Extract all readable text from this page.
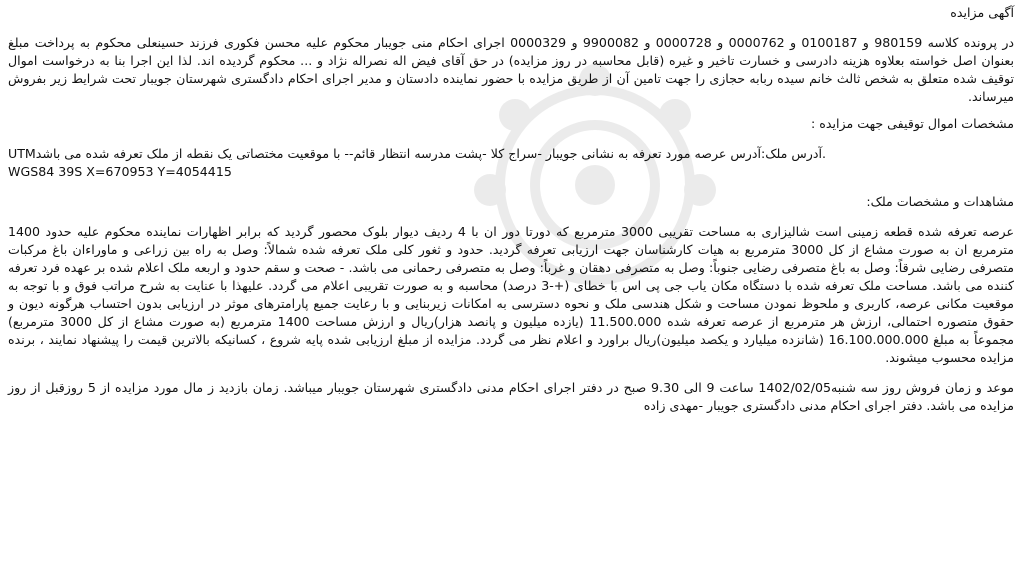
آگهی مزایده

در پرونده کلاسه 980159 و 0100187 و 0000762 و 0000728 و 9900082 و 0000329 اجرای احکام منی جویبار محکوم علیه محسن فکوری فرزند حسینعلی محکوم به پرداخت مبلغ بعنوان اصل خواسته بعلاوه هزینه دادرسی و خسارت تاخیر و غیره (قابل محاسبه در روز مزایده) در حق آقای فیض اله نصراله نژاد و ... محکوم گردیده اند. لذا این اجرا بنا به درخواست اموال توقیف شده متعلق به شخص ثالث خانم سیده ربابه حجازی را جهت تامین آن از طریق مزایده با حضور نماینده دادستان و مدیر اجرای احکام دادگستری شهرستان جویبار تحت شرایط زیر بفروش میرساند.

مشخصات اموال توقیفی جهت مزایده :

UTMآدرس ملک:آدرس عرصه مورد تعرفه به نشانی جویبار -سراج کلا -پشت مدرسه انتظار قائم-- با موقعیت مختصاتی یک نقطه از ملک تعرفه شده می باشد.

WGS84 39S X=670953 Y=4054415

مشاهدات و مشخصات ملک:

عرصه تعرفه شده قطعه زمینی است شالیزاری به مساحت تقریبی 3000 مترمربع که دورتا دور ان با 4 ردیف دیوار بلوک محصور گردید که برابر اظهارات نماینده محکوم علیه حدود 1400 مترمربع ان به صورت مشاع از کل 3000 مترمربع به هیات کارشناسان جهت ارزیابی تعرفه گردید. حدود و ثغور کلی ملک تعرفه شده شمالاً: وصل به راه بین زراعی و ماوراءان باغ مرکبات متصرفی رضایی شرقاً: وصل به باغ متصرفی رضایی جنوباً: وصل به متصرفی دهقان و غرباً: وصل به متصرفی رحمانی می باشد. - صحت و سقم حدود و اربعه ملک اعلام شده بر عهده فرد تعرفه کننده می باشد. مساحت ملک تعرفه شده با دستگاه مکان یاب جی پی اس با خطای (+-3 درصد) محاسبه و به صورت تقریبی اعلام می گردد. علیهذا با عنایت به شرح مراتب فوق و با توجه به موقعیت مکانی عرصه، کاربری و ملحوظ نمودن مساحت و شکل هندسی ملک و نحوه دسترسی به امکانات زیربنایی و با رعایت جمیع پارامترهای موثر در ارزیابی بدون احتساب هرگونه دیون و حقوق متصوره احتمالی، ارزش هر مترمربع از عرصه تعرفه شده 11.500.000 (یازده میلیون و پانصد هزار)ریال و ارزش مساحت 1400 مترمربع (به صورت مشاع از کل 3000 مترمربع) مجموعاً به مبلغ 16.100.000.000 (شانزده میلیارد و یکصد میلیون)ریال براورد و اعلام نظر می گردد. مزایده از مبلغ ارزیابی شده پایه شروع ، کسانیکه بالاترین قیمت را پیشنهاد نمایند ، برنده مزایده محسوب میشوند.

موعد و زمان فروش روز سه شنبه1402/02/05 ساعت 9 الی 9.30 صبح در دفتر اجرای احکام مدنی دادگستری شهرستان جویبار میباشد. زمان بازدید ز مال مورد مزایده از 5 روزقبل از روز مزایده می باشد. دفتر اجرای احکام مدنی دادگستری جویبار -مهدی زاده
